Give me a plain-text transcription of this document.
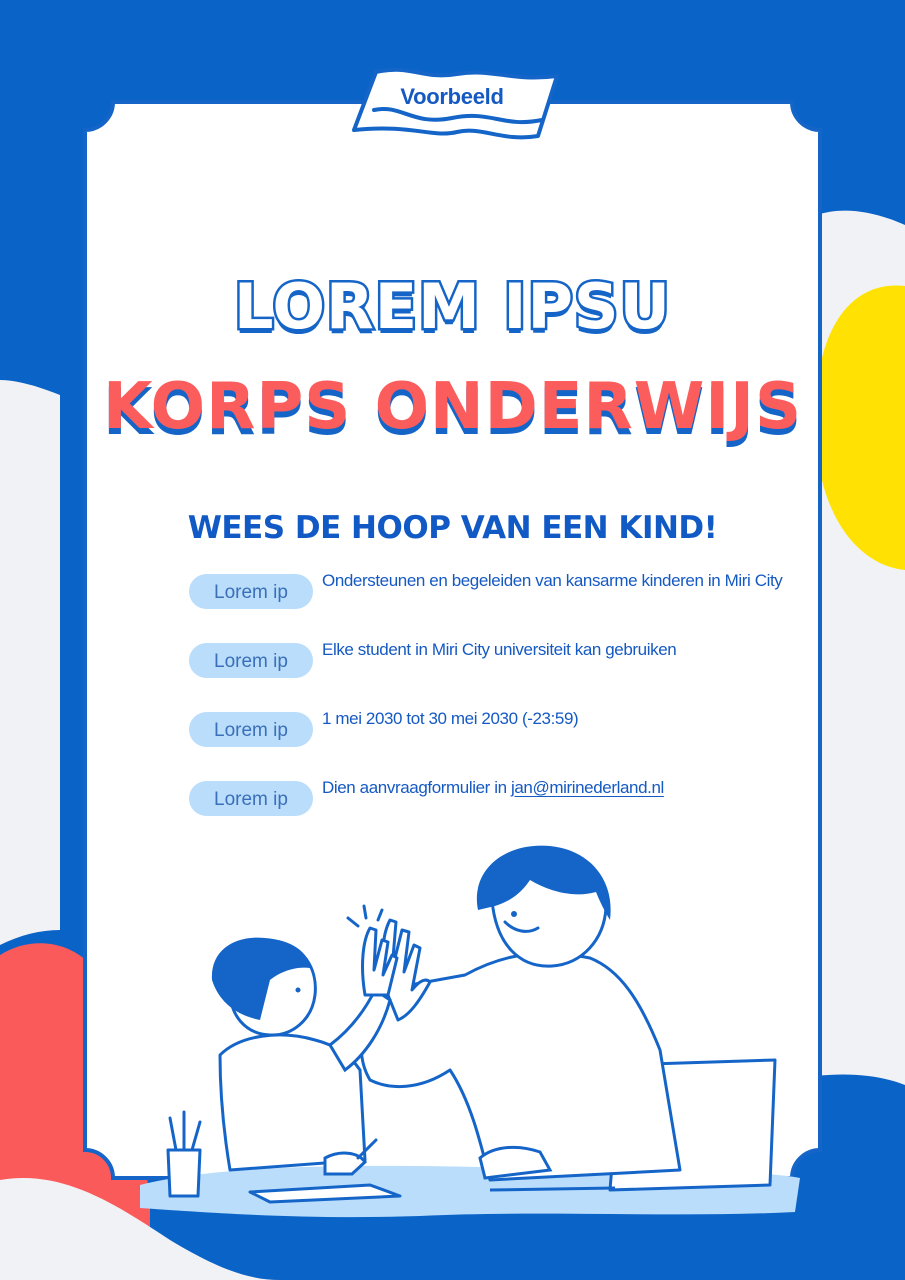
Voorbeeld
LOREM IPSU
KORPS ONDERWIJS
WEES DE HOOP VAN EEN KIND!
Lorem ip
Ondersteunen en begeleiden van kansarme kinderen in Miri City
Lorem ip
Elke student in Miri City universiteit kan gebruiken
Lorem ip
1 mei 2030 tot 30 mei 2030 (-23:59)
Lorem ip
Dien aanvraagformulier in jan@mirinederland.nl
